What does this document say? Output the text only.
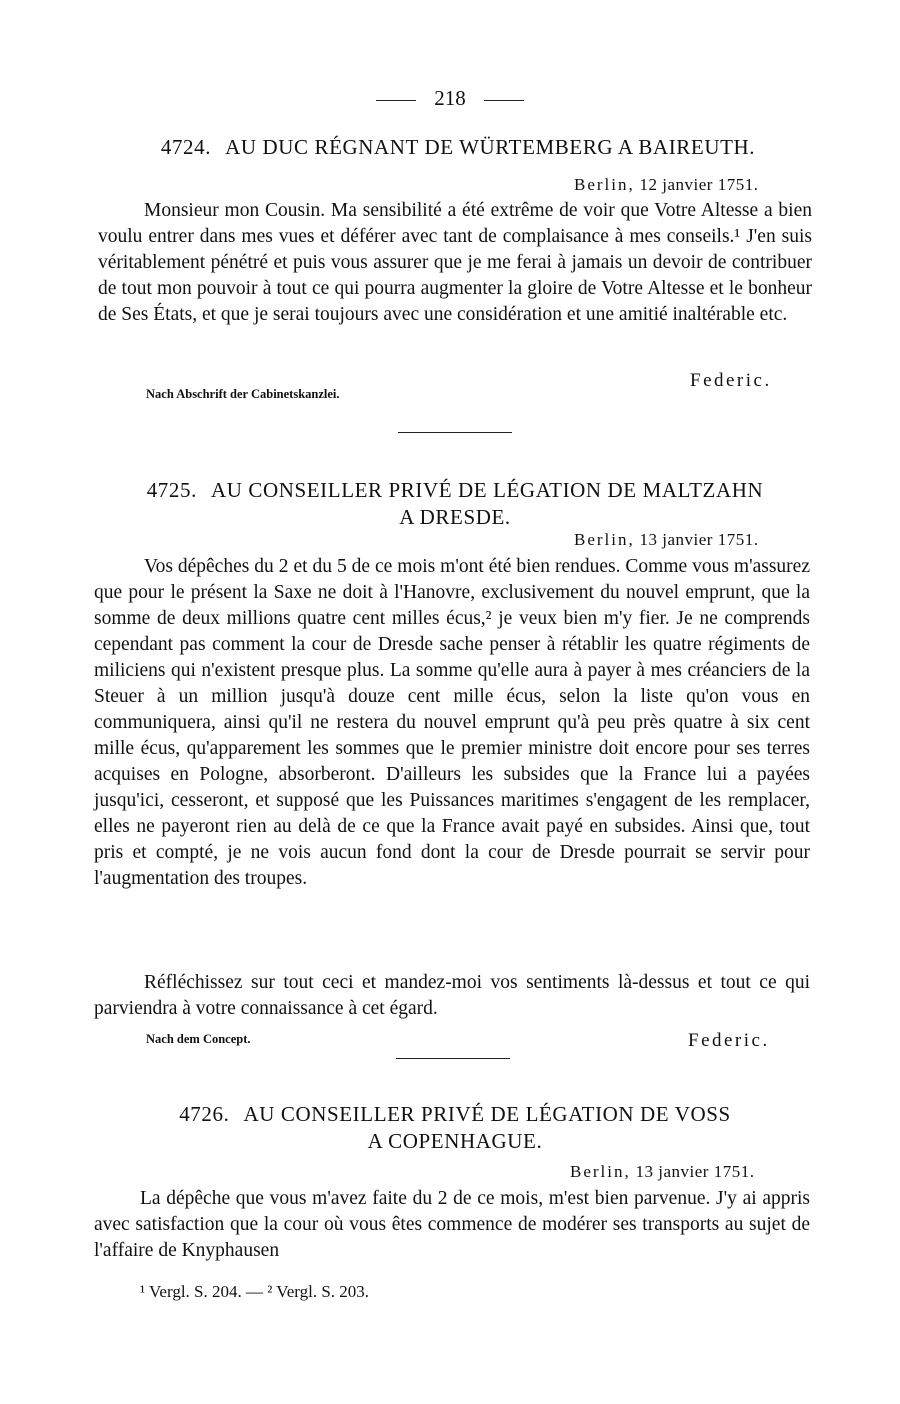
218
4724. AU DUC RÉGNANT DE WÜRTEMBERG A BAIREUTH.
Berlin, 12 janvier 1751.
Monsieur mon Cousin. Ma sensibilité a été extrême de voir que Votre Altesse a bien voulu entrer dans mes vues et déférer avec tant de complaisance à mes conseils.¹ J'en suis véritablement pénétré et puis vous assurer que je me ferai à jamais un devoir de contribuer de tout mon pouvoir à tout ce qui pourra augmenter la gloire de Votre Altesse et le bonheur de Ses États, et que je serai toujours avec une considération et une amitié inaltérable etc.
Federic.
Nach Abschrift der Cabinetskanzlei.
4725. AU CONSEILLER PRIVÉ DE LÉGATION DE MALTZAHN
A DRESDE.
Berlin, 13 janvier 1751.
Vos dépêches du 2 et du 5 de ce mois m'ont été bien rendues. Comme vous m'assurez que pour le présent la Saxe ne doit à l'Hanovre, exclusivement du nouvel emprunt, que la somme de deux millions quatre cent milles écus,² je veux bien m'y fier. Je ne comprends cependant pas comment la cour de Dresde sache penser à rétablir les quatre régiments de miliciens qui n'existent presque plus. La somme qu'elle aura à payer à mes créanciers de la Steuer à un million jusqu'à douze cent mille écus, selon la liste qu'on vous en communiquera, ainsi qu'il ne restera du nouvel emprunt qu'à peu près quatre à six cent mille écus, qu'apparement les sommes que le premier ministre doit encore pour ses terres acquises en Pologne, absorberont. D'ailleurs les subsides que la France lui a payées jusqu'ici, cesseront, et supposé que les Puissances maritimes s'engagent de les remplacer, elles ne payeront rien au delà de ce que la France avait payé en subsides. Ainsi que, tout pris et compté, je ne vois aucun fond dont la cour de Dresde pourrait se servir pour l'augmentation des troupes.
Réfléchissez sur tout ceci et mandez-moi vos sentiments là-dessus et tout ce qui parviendra à votre connaissance à cet égard.
Nach dem Concept.	Federic.
4726. AU CONSEILLER PRIVÉ DE LÉGATION DE VOSS
A COPENHAGUE.
Berlin, 13 janvier 1751.
La dépêche que vous m'avez faite du 2 de ce mois, m'est bien parvenue. J'y ai appris avec satisfaction que la cour où vous êtes commence de modérer ses transports au sujet de l'affaire de Knyphausen
¹ Vergl. S. 204. — ² Vergl. S. 203.
